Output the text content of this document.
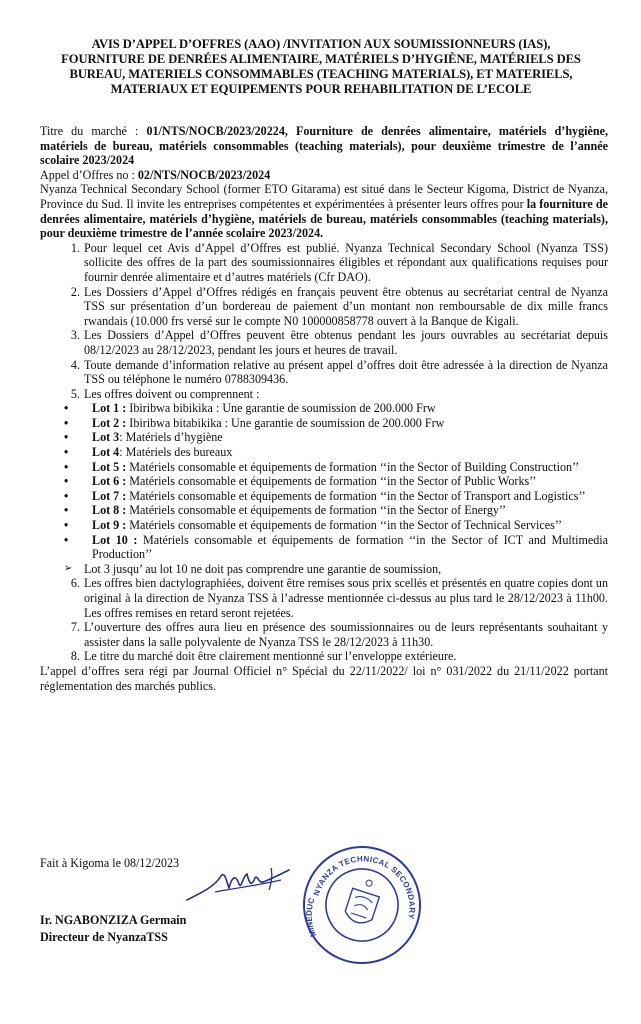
AVIS D’APPEL D’OFFRES (AAO) /INVITATION AUX SOUMISSIONNEURS (IAS),
FOURNITURE DE DENRÉES ALIMENTAIRE, MATÉRIELS D’HYGIÈNE, MATÉRIELS DES
BUREAU, MATERIELS CONSOMMABLES (TEACHING MATERIALS), ET MATERIELS,
MATERIAUX ET EQUIPEMENTS POUR REHABILITATION DE L’ECOLE
Titre du marché : 01/NTS/NOCB/2023/20224, Fourniture de denrées alimentaire, matériels d’hygiène, matériels de bureau, matériels consommables (teaching materials), pour deuxième trimestre de l’année scolaire 2023/2024
Appel d’Offres no : 02/NTS/NOCB/2023/2024
Nyanza Technical Secondary School (former ETO Gitarama) est situé dans le Secteur Kigoma, District de Nyanza, Province du Sud. Il invite les entreprises compétentes et expérimentées à présenter leurs offres pour la fourniture de denrées alimentaire, matériels d’hygiène, matériels de bureau, matériels consommables (teaching materials), pour deuxième trimestre de l’année scolaire 2023/2024.
1. Pour lequel cet Avis d’Appel d’Offres est publié. Nyanza Technical Secondary School (Nyanza TSS) sollicite des offres de la part des soumissionnaires éligibles et répondant aux qualifications requises pour fournir denrée alimentaire et d’autres matériels (Cfr DAO).
2. Les Dossiers d’Appel d’Offres rédigés en français peuvent être obtenus au secrétariat central de Nyanza TSS sur présentation d’un bordereau de paiement d’un montant non remboursable de dix mille francs rwandais (10.000 frs versé sur le compte N0 100000858778 ouvert à la Banque de Kigali.
3. Les Dossiers d’Appel d’Offres peuvent être obtenus pendant les jours ouvrables au secrétariat depuis 08/12/2023 au 28/12/2023, pendant les jours et heures de travail.
4. Toute demande d’information relative au présent appel d’offres doit être adressée à la direction de Nyanza TSS ou téléphone le numéro 0788309436.
5. Les offres doivent ou comprennent :
• Lot 1 : Ibiribwa bibikika : Une garantie de soumission de 200.000 Frw
• Lot 2 : Ibiribwa bitabikika : Une garantie de soumission de 200.000 Frw
• Lot 3: Matériels d’hygiène
• Lot 4: Matériels des bureaux
• Lot 5 : Matériels consomable et équipements de formation ‘‘in the Sector of Building Construction’’
• Lot 6 : Matériels consomable et équipements de formation ‘‘in the Sector of Public Works’’
• Lot 7 : Matériels consomable et équipements de formation ‘‘in the Sector of Transport and Logistics’’
• Lot 8 : Matériels consomable et équipements de formation ‘‘in the Sector of Energy’’
• Lot 9 : Matériels consomable et équipements de formation ‘‘in the Sector of Technical Services’’
• Lot 10 : Matériels consomable et équipements de formation ‘‘in the Sector of ICT and Multimedia Production’’
➢ Lot 3 jusqu’ au lot 10 ne doit pas comprendre une garantie de soumission,
6. Les offres bien dactylographiées, doivent être remises sous prix scellés et présentés en quatre copies dont un original à la direction de Nyanza TSS à l’adresse mentionnée ci-dessus au plus tard le 28/12/2023 à 11h00. Les offres remises en retard seront rejetées.
7. L’ouverture des offres aura lieu en présence des soumissionnaires ou de leurs représentants souhaitant y assister dans la salle polyvalente de Nyanza TSS le 28/12/2023 à 11h30.
8. Le titre du marché doit être clairement mentionné sur l’enveloppe extérieure.
L’appel d’offres sera régi par Journal Officiel n° Spécial du 22/11/2022/ loi n° 031/2022 du 21/11/2022 portant réglementation des marchés publics.
Fait à Kigoma le 08/12/2023
Ir. NGABONZIZA Germain
Directeur de NyanzaTSS
NYANZA TECHNICAL SECONDARY
MINEDUC
